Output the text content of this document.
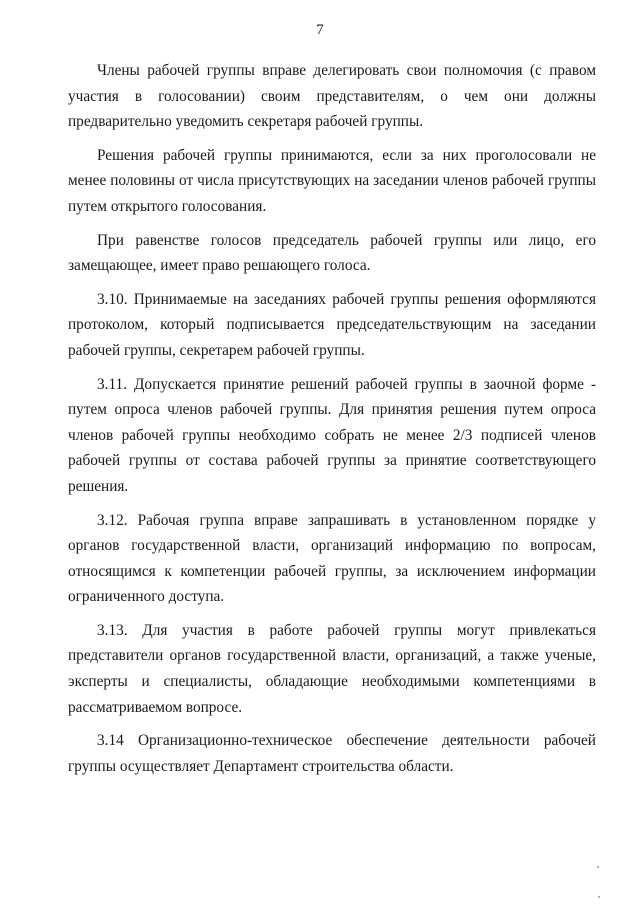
7

Члены рабочей группы вправе делегировать свои полномочия (с правом участия в голосовании) своим представителям, о чем они должны предварительно уведомить секретаря рабочей группы.

Решения рабочей группы принимаются, если за них проголосовали не менее половины от числа присутствующих на заседании членов рабочей группы путем открытого голосования.

При равенстве голосов председатель рабочей группы или лицо, его замещающее, имеет право решающего голоса.

3.10. Принимаемые на заседаниях рабочей группы решения оформляются протоколом, который подписывается председательствующим на заседании рабочей группы, секретарем рабочей группы.

3.11. Допускается принятие решений рабочей группы в заочной форме - путем опроса членов рабочей группы. Для принятия решения путем опроса членов рабочей группы необходимо собрать не менее 2/3 подписей членов рабочей группы от состава рабочей группы за принятие соответствующего решения.

3.12. Рабочая группа вправе запрашивать в установленном порядке у органов государственной власти, организаций информацию по вопросам, относящимся к компетенции рабочей группы, за исключением информации ограниченного доступа.

3.13. Для участия в работе рабочей группы могут привлекаться представители органов государственной власти, организаций, а также ученые, эксперты и специалисты, обладающие необходимыми компетенциями в рассматриваемом вопросе.

3.14 Организационно-техническое обеспечение деятельности рабочей группы осуществляет Департамент строительства области.
